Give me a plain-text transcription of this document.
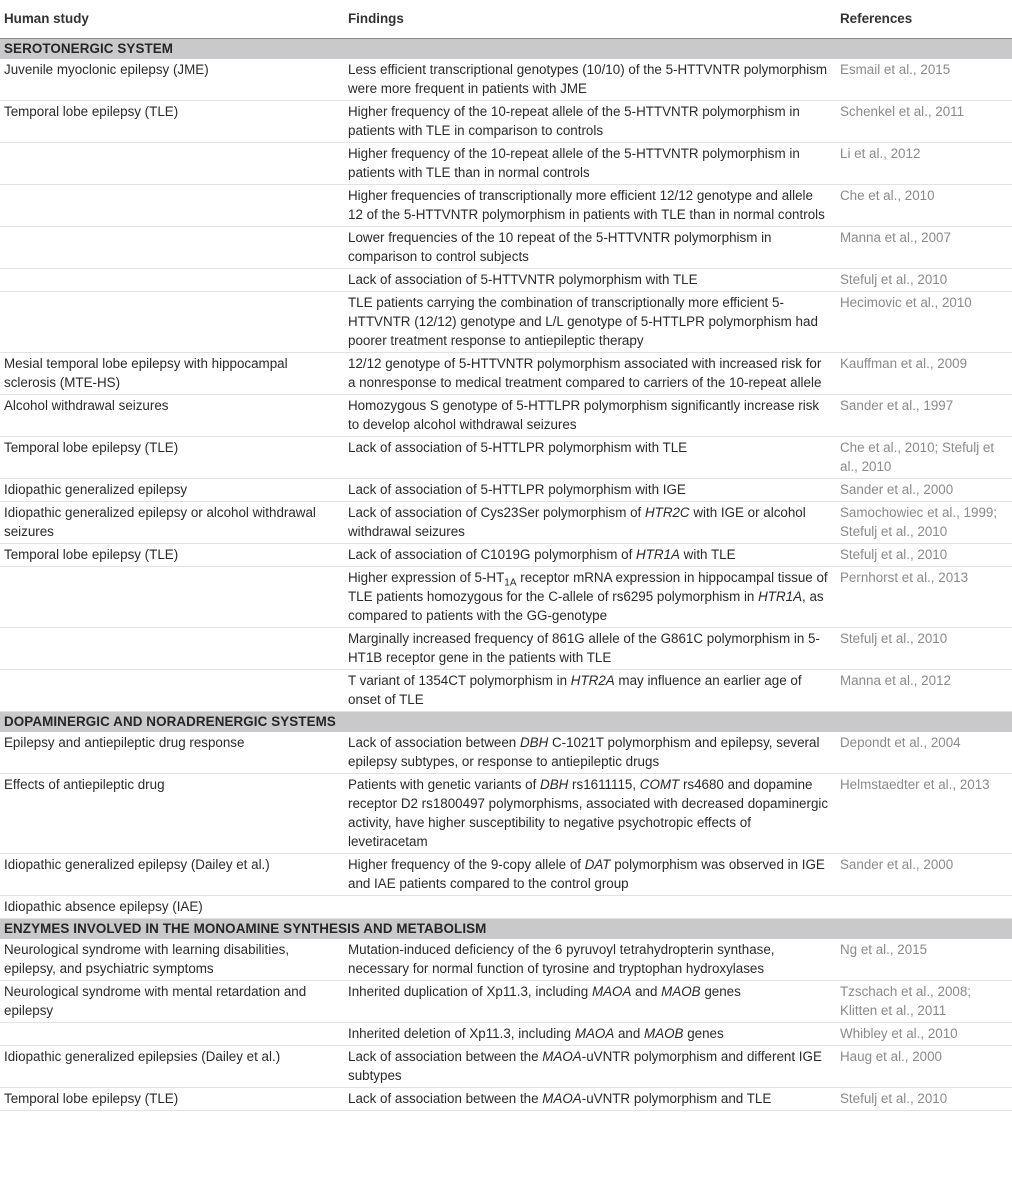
Human study	Findings	References
SEROTONERGIC SYSTEM		
Juvenile myoclonic epilepsy (JME)	Less efficient transcriptional genotypes (10/10) of the 5-HTTVNTR polymorphism were more frequent in patients with JME	Esmail et al., 2015
Temporal lobe epilepsy (TLE)	Higher frequency of the 10-repeat allele of the 5-HTTVNTR polymorphism in patients with TLE in comparison to controls	Schenkel et al., 2011
	Higher frequency of the 10-repeat allele of the 5-HTTVNTR polymorphism in patients with TLE than in normal controls	Li et al., 2012
	Higher frequencies of transcriptionally more efficient 12/12 genotype and allele 12 of the 5-HTTVNTR polymorphism in patients with TLE than in normal controls	Che et al., 2010
	Lower frequencies of the 10 repeat of the 5-HTTVNTR polymorphism in comparison to control subjects	Manna et al., 2007
	Lack of association of 5-HTTVNTR polymorphism with TLE	Stefulj et al., 2010
	TLE patients carrying the combination of transcriptionally more efficient 5-HTTVNTR (12/12) genotype and L/L genotype of 5-HTTLPR polymorphism had poorer treatment response to antiepileptic therapy	Hecimovic et al., 2010
Mesial temporal lobe epilepsy with hippocampal sclerosis (MTE-HS)	12/12 genotype of 5-HTTVNTR polymorphism associated with increased risk for a nonresponse to medical treatment compared to carriers of the 10-repeat allele	Kauffman et al., 2009
Alcohol withdrawal seizures	Homozygous S genotype of 5-HTTLPR polymorphism significantly increase risk to develop alcohol withdrawal seizures	Sander et al., 1997
Temporal lobe epilepsy (TLE)	Lack of association of 5-HTTLPR polymorphism with TLE	Che et al., 2010; Stefulj et al., 2010
Idiopathic generalized epilepsy	Lack of association of 5-HTTLPR polymorphism with IGE	Sander et al., 2000
Idiopathic generalized epilepsy or alcohol withdrawal seizures	Lack of association of Cys23Ser polymorphism of HTR2C with IGE or alcohol withdrawal seizures	Samochowiec et al., 1999; Stefulj et al., 2010
Temporal lobe epilepsy (TLE)	Lack of association of C1019G polymorphism of HTR1A with TLE	Stefulj et al., 2010
	Higher expression of $5-HT_{1A}$ receptor mRNA expression in hippocampal tissue of TLE patients homozygous for the C-allele of rs6295 polymorphism in HTR1A, as compared to patients with the GG-genotype	Pernhorst et al., 2013
	Marginally increased frequency of 861G allele of the G861C polymorphism in 5-HT1B receptor gene in the patients with TLE	Stefulj et al., 2010
	T variant of 1354CT polymorphism in HTR2A may influence an earlier age of onset of TLE	Manna et al., 2012
DOPAMINERGIC AND NORADRENERGIC SYSTEMS		
Epilepsy and antiepileptic drug response	Lack of association between DBH C-1021T polymorphism and epilepsy, several epilepsy subtypes, or response to antiepileptic drugs	Depondt et al., 2004
Effects of antiepileptic drug	Patients with genetic variants of DBH rs1611115, COMT rs4680 and dopamine receptor D2 rs1800497 polymorphisms, associated with decreased dopaminergic activity, have higher susceptibility to negative psychotropic effects of levetiracetam	Helmstaedter et al., 2013
Idiopathic generalized epilepsy (Dailey et al.)	Higher frequency of the 9-copy allele of DAT polymorphism was observed in IGE and IAE patients compared to the control group	Sander et al., 2000
Idiopathic absence epilepsy (IAE)		
ENZYMES INVOLVED IN THE MONOAMINE SYNTHESIS AND METABOLISM		
Neurological syndrome with learning disabilities, epilepsy, and psychiatric symptoms	Mutation-induced deficiency of the 6 pyruvoyl tetrahydropterin synthase, necessary for normal function of tyrosine and tryptophan hydroxylases	Ng et al., 2015
Neurological syndrome with mental retardation and epilepsy	Inherited duplication of Xp11.3, including MAOA and MAOB genes	Tzschach et al., 2008; Klitten et al., 2011
	Inherited deletion of Xp11.3, including MAOA and MAOB genes	Whibley et al., 2010
Idiopathic generalized epilepsies (Dailey et al.)	Lack of association between the MAOA-uVNTR polymorphism and different IGE subtypes	Haug et al., 2000
Temporal lobe epilepsy (TLE)	Lack of association between the MAOA-uVNTR polymorphism and TLE	Stefulj et al., 2010
